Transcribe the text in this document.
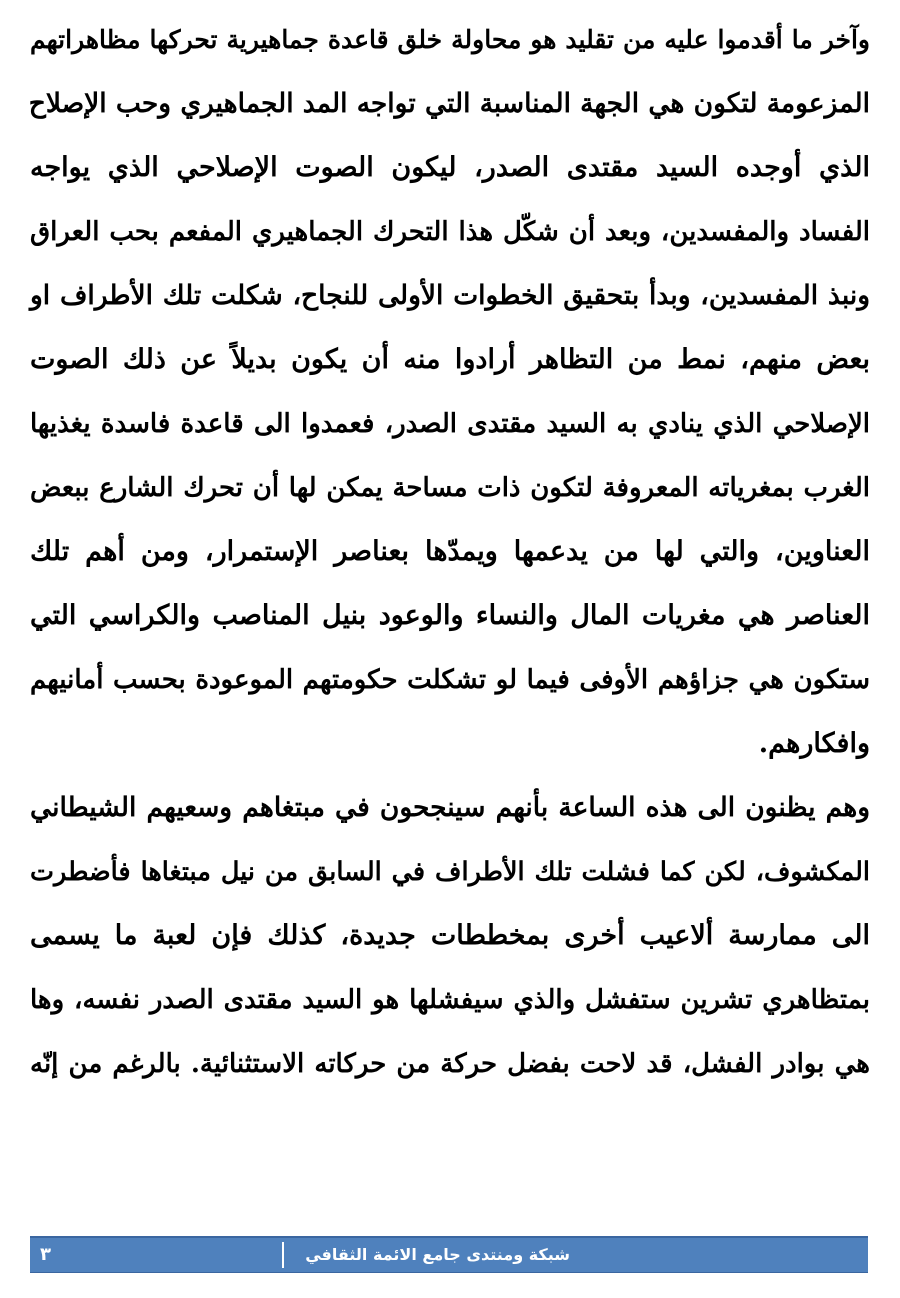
وآخر ما أقدموا عليه من تقليد هو محاولة خلق قاعدة جماهيرية تحركها مظاهراتهم
المزعومة لتكون هي الجهة المناسبة التي تواجه المد الجماهيري وحب الإصلاح
الذي أوجده السيد مقتدى الصدر، ليكون الصوت الإصلاحي الذي يواجه
الفساد والمفسدين، وبعد أن شكّل هذا التحرك الجماهيري المفعم بحب العراق
ونبذ المفسدين، وبدأ بتحقيق الخطوات الأولى للنجاح، شكلت تلك الأطراف او
بعض منهم، نمط من التظاهر أرادوا منه أن يكون بديلاً عن ذلك الصوت
الإصلاحي الذي ينادي به السيد مقتدى الصدر، فعمدوا الى قاعدة فاسدة يغذيها
الغرب بمغرياته المعروفة لتكون ذات مساحة يمكن لها أن تحرك الشارع ببعض
العناوين، والتي لها من يدعمها ويمدّها بعناصر الإستمرار، ومن أهم تلك
العناصر هي مغريات المال والنساء والوعود بنيل المناصب والكراسي التي
ستكون هي جزاؤهم الأوفى فيما لو تشكلت حكومتهم الموعودة بحسب أمانيهم
وافكارهم.
وهم يظنون الى هذه الساعة بأنهم سينجحون في مبتغاهم وسعيهم الشيطاني
المكشوف، لكن كما فشلت تلك الأطراف في السابق من نيل مبتغاها فأضطرت
الى ممارسة ألاعيب أخرى بمخططات جديدة، كذلك فإن لعبة ما يسمى
بمتظاهري تشرين ستفشل والذي سيفشلها هو السيد مقتدى الصدر نفسه، وها
هي بوادر الفشل، قد لاحت بفضل حركة من حركاته الاستثنائية. بالرغم من إنّه
شبكة ومنتدى جامع الائمة الثقافي
٣
